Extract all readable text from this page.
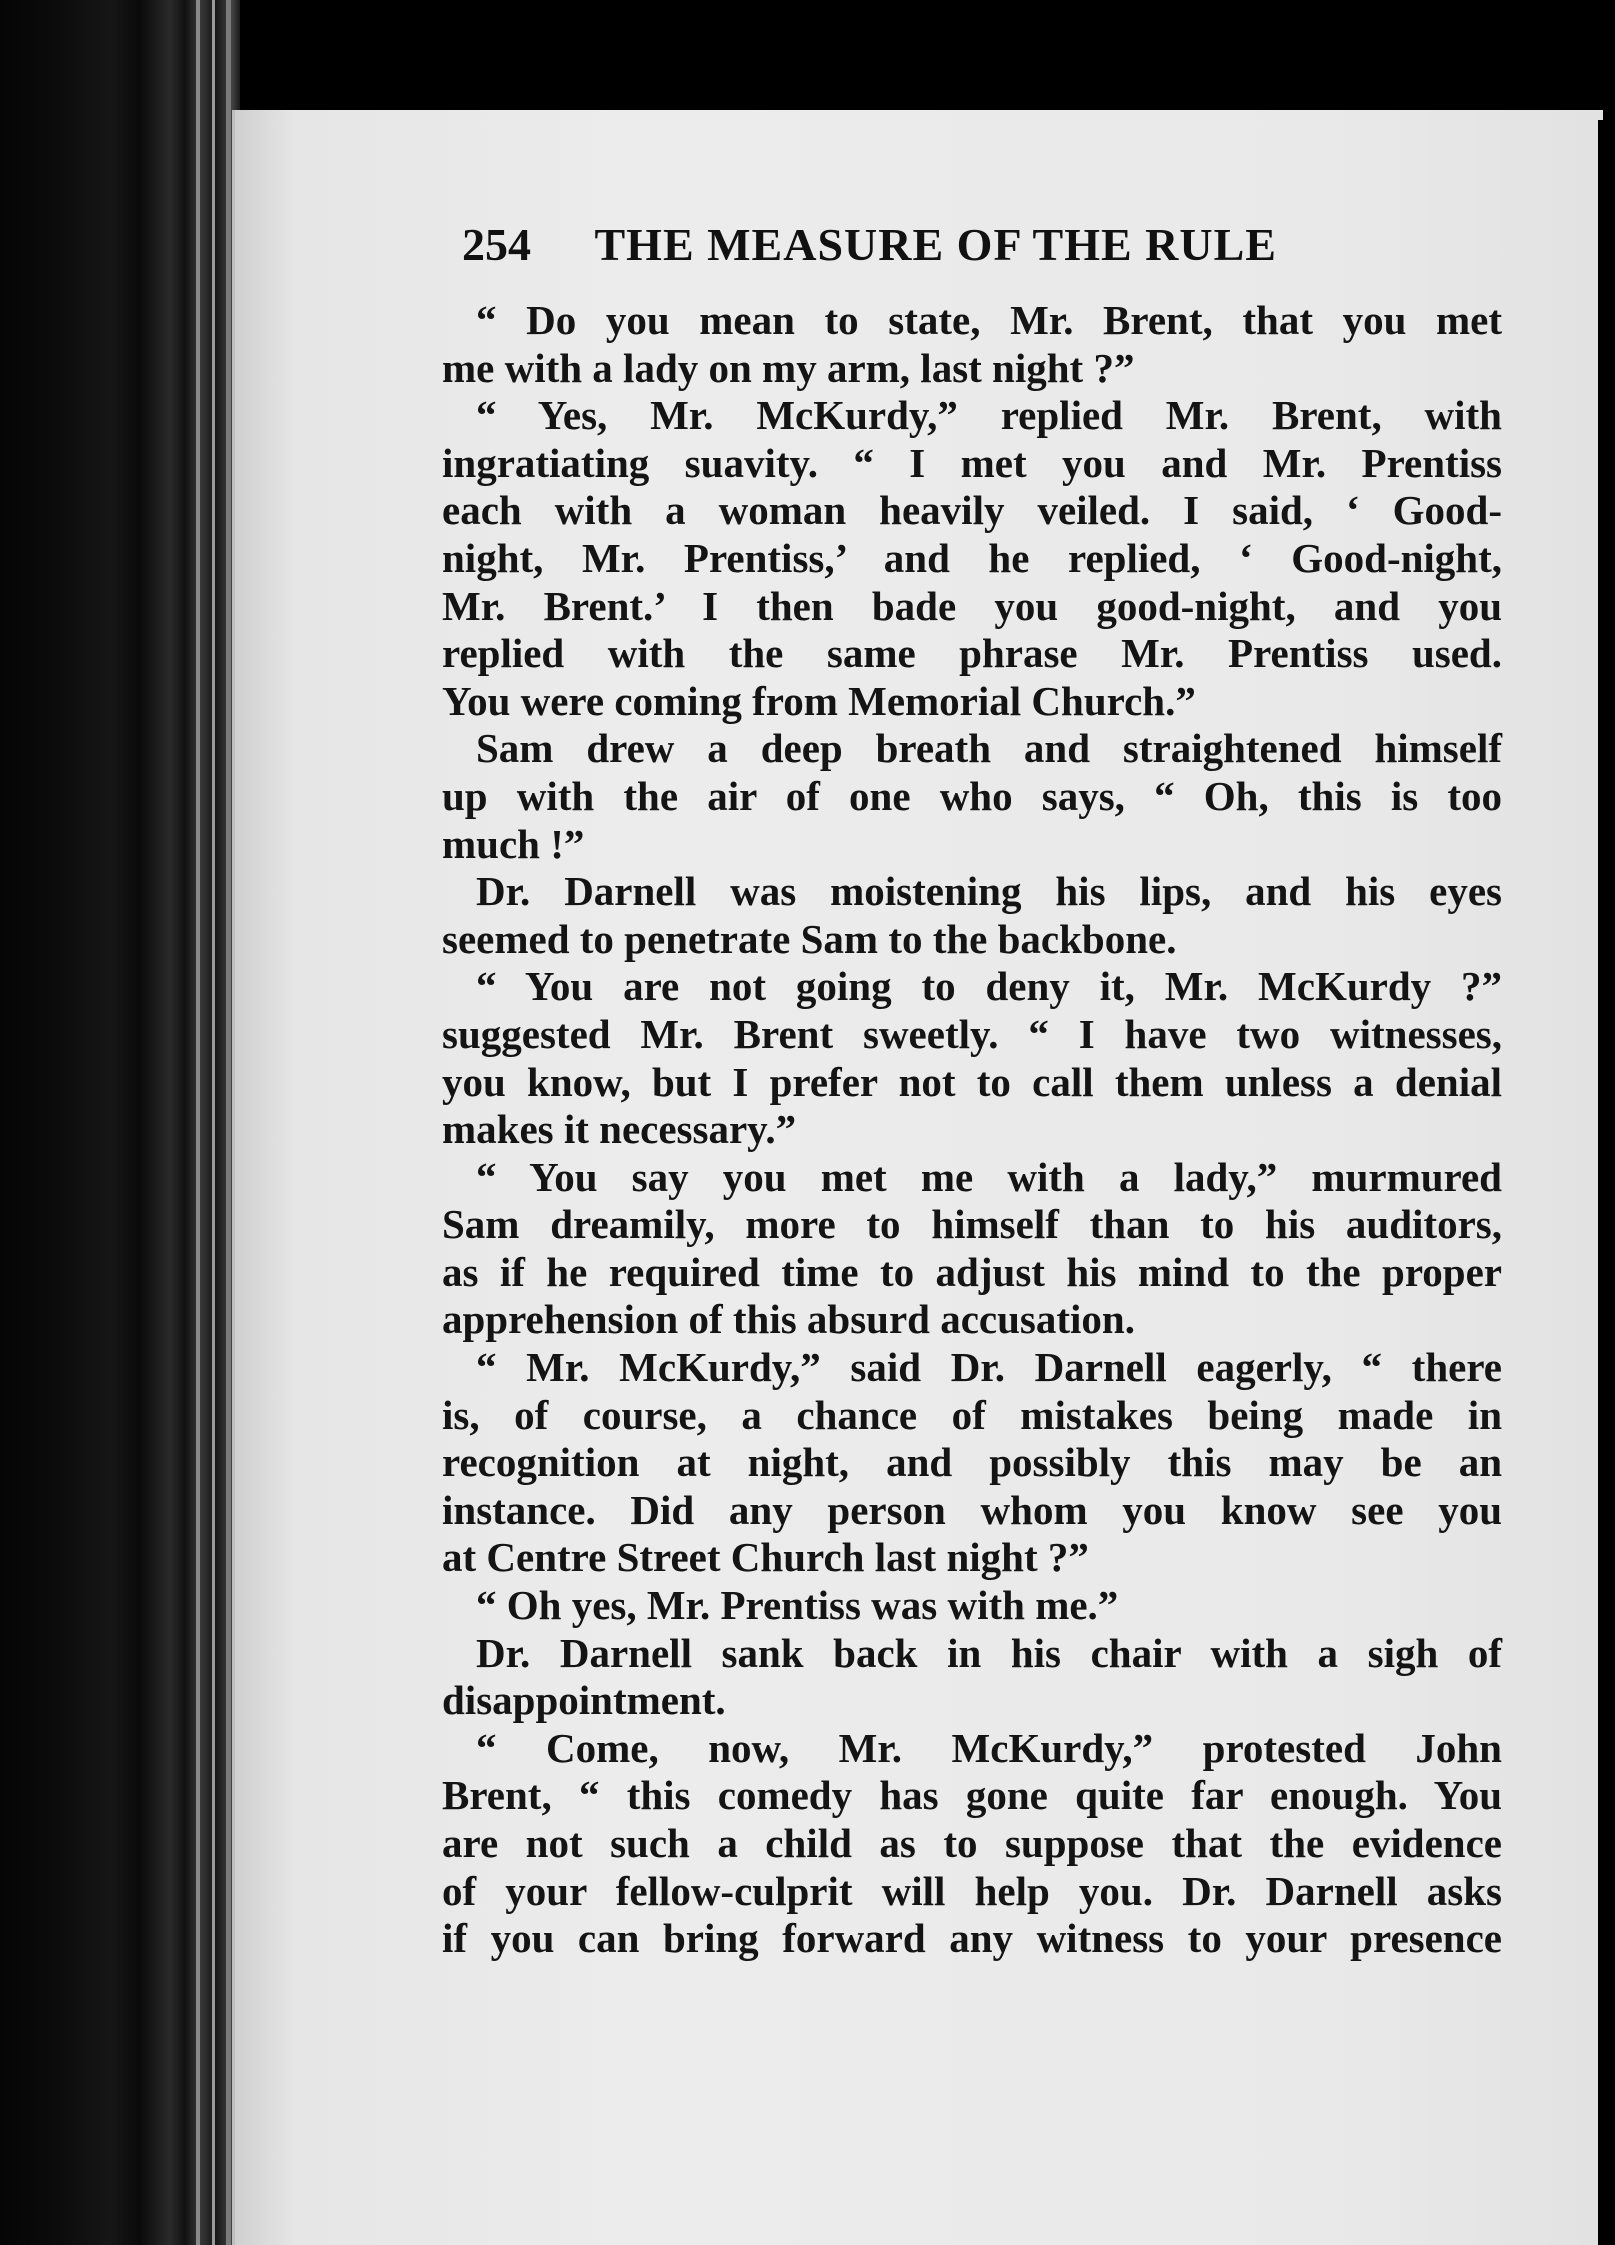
254 THE MEASURE OF THE RULE
“ Do you mean to state, Mr. Brent, that you met
me with a lady on my arm, last night ?”
“ Yes, Mr. McKurdy,” replied Mr. Brent, with
ingratiating suavity. “ I met you and Mr. Prentiss
each with a woman heavily veiled. I said, ‘ Good-
night, Mr. Prentiss,’ and he replied, ‘ Good-night,
Mr. Brent.’ I then bade you good-night, and you
replied with the same phrase Mr. Prentiss used.
You were coming from Memorial Church.”
Sam drew a deep breath and straightened himself
up with the air of one who says, “ Oh, this is too
much !”
Dr. Darnell was moistening his lips, and his eyes
seemed to penetrate Sam to the backbone.
“ You are not going to deny it, Mr. McKurdy ?”
suggested Mr. Brent sweetly. “ I have two witnesses,
you know, but I prefer not to call them unless a denial
makes it necessary.”
“ You say you met me with a lady,” murmured
Sam dreamily, more to himself than to his auditors,
as if he required time to adjust his mind to the proper
apprehension of this absurd accusation.
“ Mr. McKurdy,” said Dr. Darnell eagerly, “ there
is, of course, a chance of mistakes being made in
recognition at night, and possibly this may be an
instance. Did any person whom you know see you
at Centre Street Church last night ?”
“ Oh yes, Mr. Prentiss was with me.”
Dr. Darnell sank back in his chair with a sigh of
disappointment.
“ Come, now, Mr. McKurdy,” protested John
Brent, “ this comedy has gone quite far enough. You
are not such a child as to suppose that the evidence
of your fellow-culprit will help you. Dr. Darnell asks
if you can bring forward any witness to your presence
